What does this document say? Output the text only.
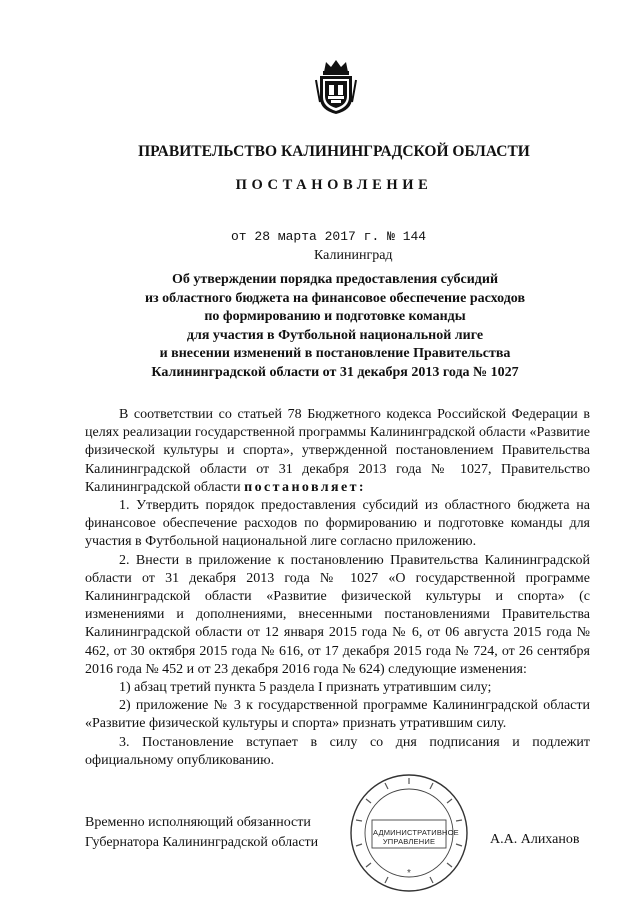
ПРАВИТЕЛЬСТВО КАЛИНИНГРАДСКОЙ ОБЛАСТИ
ПОСТАНОВЛЕНИЕ
от 28 марта 2017 г. № 144
Калининград
Об утверждении порядка предоставления субсидий
из областного бюджета на финансовое обеспечение расходов
по формированию и подготовке команды
для участия в Футбольной национальной лиге
и внесении изменений в постановление Правительства
Калининградской области от 31 декабря 2013 года № 1027

В соответствии со статьей 78 Бюджетного кодекса Российской Федерации в целях реализации государственной программы Калининградской области «Развитие физической культуры и спорта», утвержденной постановлением Правительства Калининградской области от 31 декабря 2013 года № 1027, Правительство Калининградской области постановляет:

1. Утвердить порядок предоставления субсидий из областного бюджета на финансовое обеспечение расходов по формированию и подготовке команды для участия в Футбольной национальной лиге согласно приложению.

2. Внести в приложение к постановлению Правительства Калининградской области от 31 декабря 2013 года № 1027 «О государственной программе Калининградской области «Развитие физической культуры и спорта» (с изменениями и дополнениями, внесенными постановлениями Правительства Калининградской области от 12 января 2015 года № 6, от 06 августа 2015 года № 462, от 30 октября 2015 года № 616, от 17 декабря 2015 года № 724, от 26 сентября 2016 года № 452 и от 23 декабря 2016 года № 624) следующие изменения:

1) абзац третий пункта 5 раздела I признать утратившим силу;

2) приложение № 3 к государственной программе Калининградской области «Развитие физической культуры и спорта» признать утратившим силу.

3. Постановление вступает в силу со дня подписания и подлежит официальному опубликованию.

Временно исполняющий обязанности
Губернатора Калининградской области
*
АДМИНИСТРАТИВНОЕ
УПРАВЛЕНИЕ	А.А. Алиханов
